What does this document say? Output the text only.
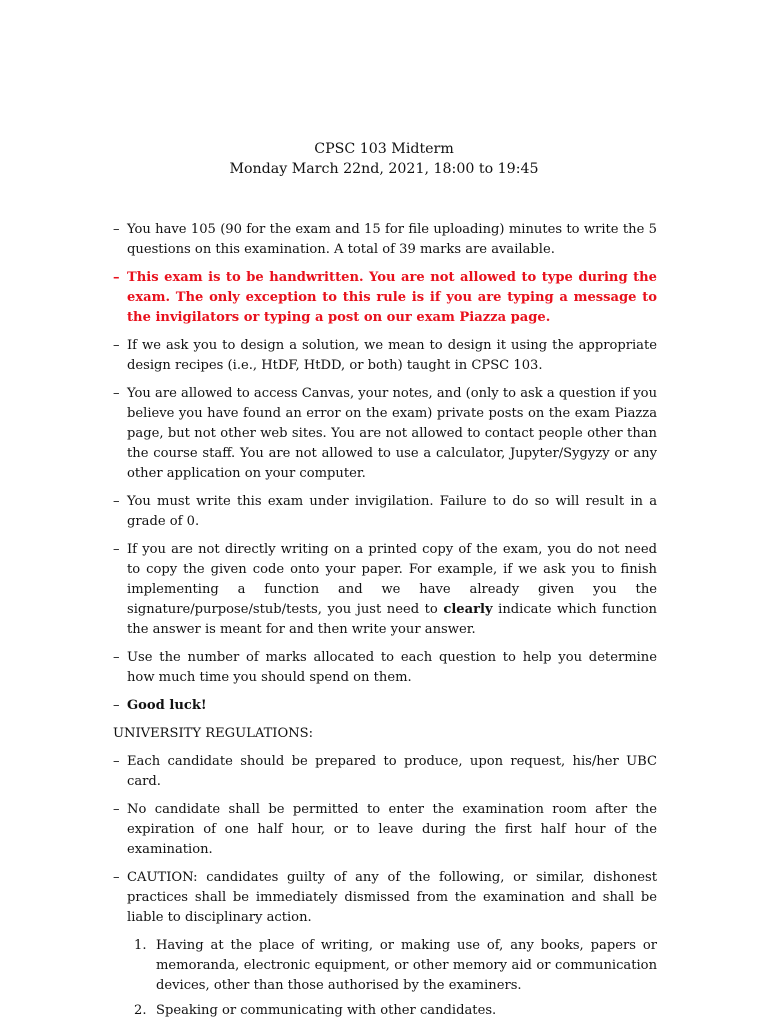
CPSC 103 Midterm
Monday March 22nd, 2021, 18:00 to 19:45
– You have 105 (90 for the exam and 15 for file uploading) minutes to write the 5 questions on this examination. A total of 39 marks are available.
– This exam is to be handwritten. You are not allowed to type during the exam. The only exception to this rule is if you are typing a message to the invigilators or typing a post on our exam Piazza page.
– If we ask you to design a solution, we mean to design it using the appropriate design recipes (i.e., HtDF, HtDD, or both) taught in CPSC 103.
– You are allowed to access Canvas, your notes, and (only to ask a question if you believe you have found an error on the exam) private posts on the exam Piazza page, but not other web sites. You are not allowed to contact people other than the course staff. You are not allowed to use a calculator, Jupyter/Sygyzy or any other application on your computer.
– You must write this exam under invigilation. Failure to do so will result in a grade of 0.
– If you are not directly writing on a printed copy of the exam, you do not need to copy the given code onto your paper. For example, if we ask you to finish implementing a function and we have already given you the signature/purpose/stub/tests, you just need to clearly indicate which function the answer is meant for and then write your answer.
– Use the number of marks allocated to each question to help you determine how much time you should spend on them.
– Good luck!
UNIVERSITY REGULATIONS:
– Each candidate should be prepared to produce, upon request, his/her UBC card.
– No candidate shall be permitted to enter the examination room after the expiration of one half hour, or to leave during the first half hour of the examination.
– CAUTION: candidates guilty of any of the following, or similar, dishonest practices shall be immediately dismissed from the examination and shall be liable to disciplinary action.
1. Having at the place of writing, or making use of, any books, papers or memoranda, electronic equipment, or other memory aid or communication devices, other than those authorised by the examiners.
2. Speaking or communicating with other candidates.
